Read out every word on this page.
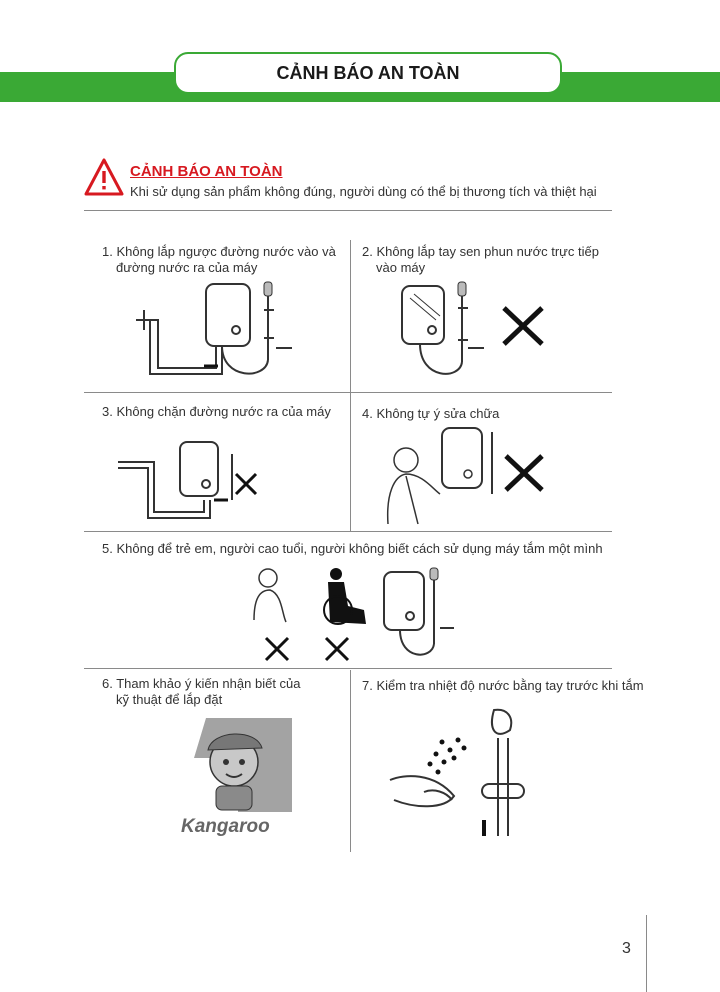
CẢNH BÁO AN TOÀN
CẢNH BÁO AN TOÀN
Khi sử dụng sản phẩm không đúng, người dùng có thể bị thương tích và thiệt hại
1. Không lắp ngược đường nước vào và
đường nước ra của máy
2. Không lắp tay sen phun nước trực tiếp
vào máy
3. Không chặn đường nước ra của máy 4. Không tự ý sửa chữa
5. Không để trẻ em, người cao tuổi, người không biết cách sử dụng máy tắm một mình
6. Tham khảo ý kiến nhận biết của
kỹ thuật để lắp đặt
7. Kiểm tra nhiệt độ nước bằng tay trước khi tắm
Kangaroo
3
